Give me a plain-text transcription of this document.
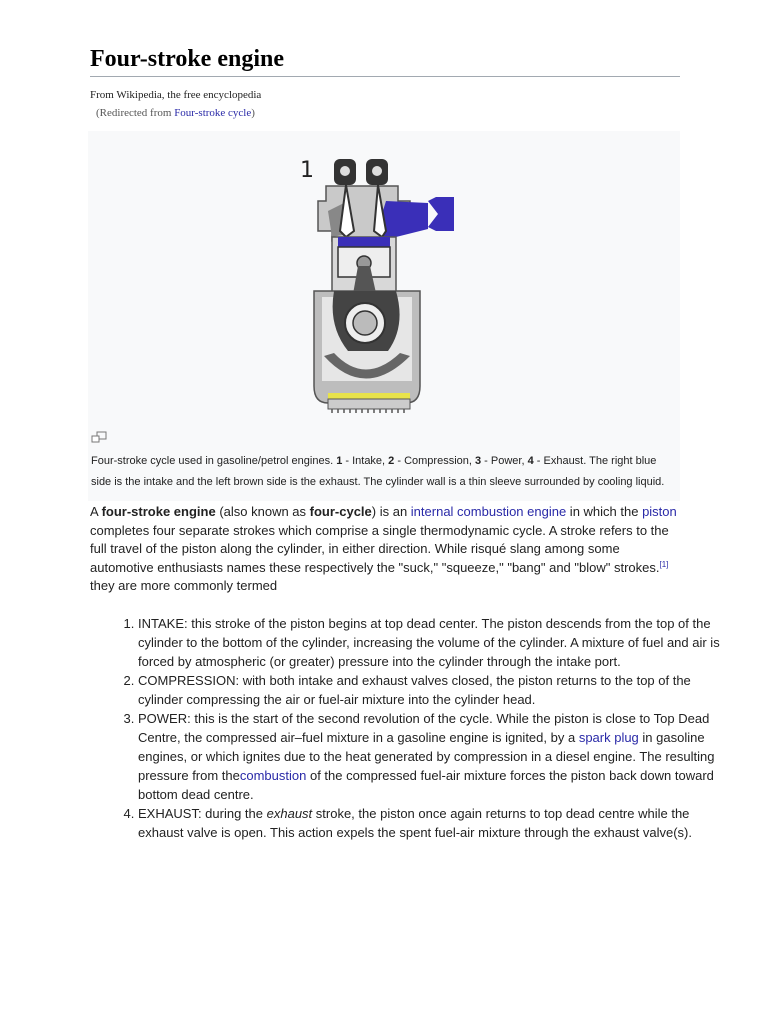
Four-stroke engine
From Wikipedia, the free encyclopedia
(Redirected from Four-stroke cycle)
1
Four-stroke cycle used in gasoline/petrol engines. 1 - Intake, 2 - Compression, 3 - Power, 4 - Exhaust. The right blue side is the intake and the left brown side is the exhaust. The cylinder wall is a thin sleeve surrounded by cooling liquid.

A four-stroke engine (also known as four-cycle) is an internal combustion engine in which the piston completes four separate strokes which comprise a single thermodynamic cycle. A stroke refers to the full travel of the piston along the cylinder, in either direction. While risqué slang among some automotive enthusiasts names these respectively the "suck," "squeeze," "bang" and "blow" strokes.[1] they are more commonly termed

1. INTAKE: this stroke of the piston begins at top dead center. The piston descends from the top of the cylinder to the bottom of the cylinder, increasing the volume of the cylinder. A mixture of fuel and air is forced by atmospheric (or greater) pressure into the cylinder through the intake port.
2. COMPRESSION: with both intake and exhaust valves closed, the piston returns to the top of the cylinder compressing the air or fuel-air mixture into the cylinder head.
3. POWER: this is the start of the second revolution of the cycle. While the piston is close to Top Dead Centre, the compressed air–fuel mixture in a gasoline engine is ignited, by a spark plug in gasoline engines, or which ignites due to the heat generated by compression in a diesel engine. The resulting pressure from thecombustion of the compressed fuel-air mixture forces the piston back down toward bottom dead centre.
4. EXHAUST: during the exhaust stroke, the piston once again returns to top dead centre while the exhaust valve is open. This action expels the spent fuel-air mixture through the exhaust valve(s).
